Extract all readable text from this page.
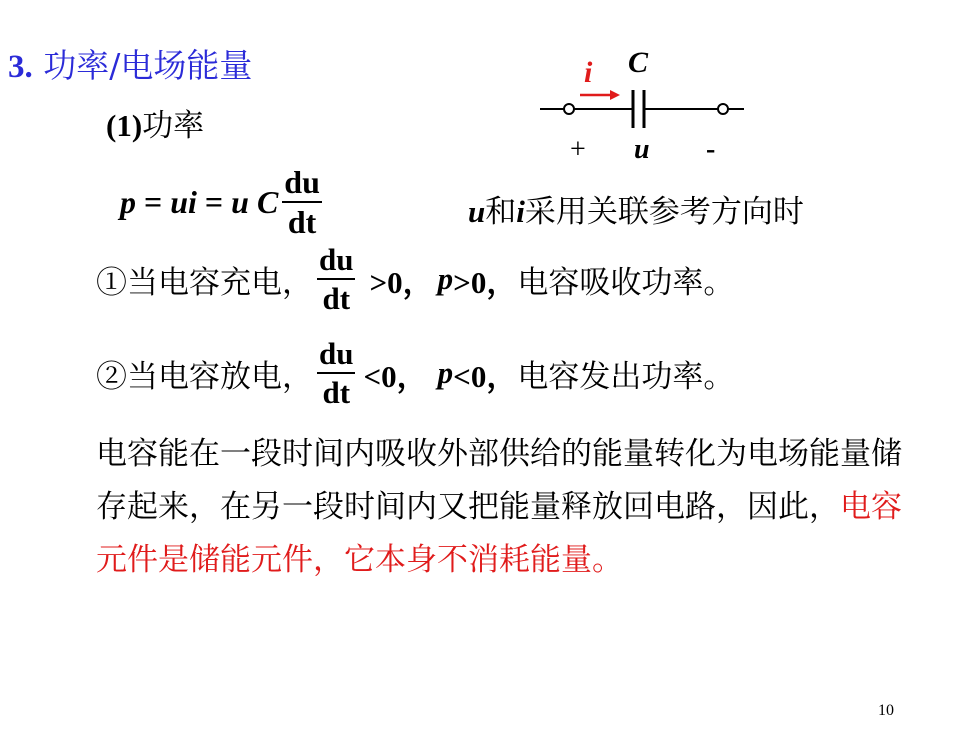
3. 功率/电场能量
(1)功率
i C
+ u -
p = ui = u C $\frac{du}{dt}$	u和i采用关联参考方向时
①当电容充电， $\frac{du}{dt} >0$， p >0， 电容吸收功率。
②当电容放电， $\frac{du}{dt} <0$， p <0， 电容发出功率。
电容能在一段时间内吸收外部供给的能量转化为电场能量储存起来，在另一段时间内又把能量释放回电路，因此，电容元件是储能元件，它本身不消耗能量。
10
